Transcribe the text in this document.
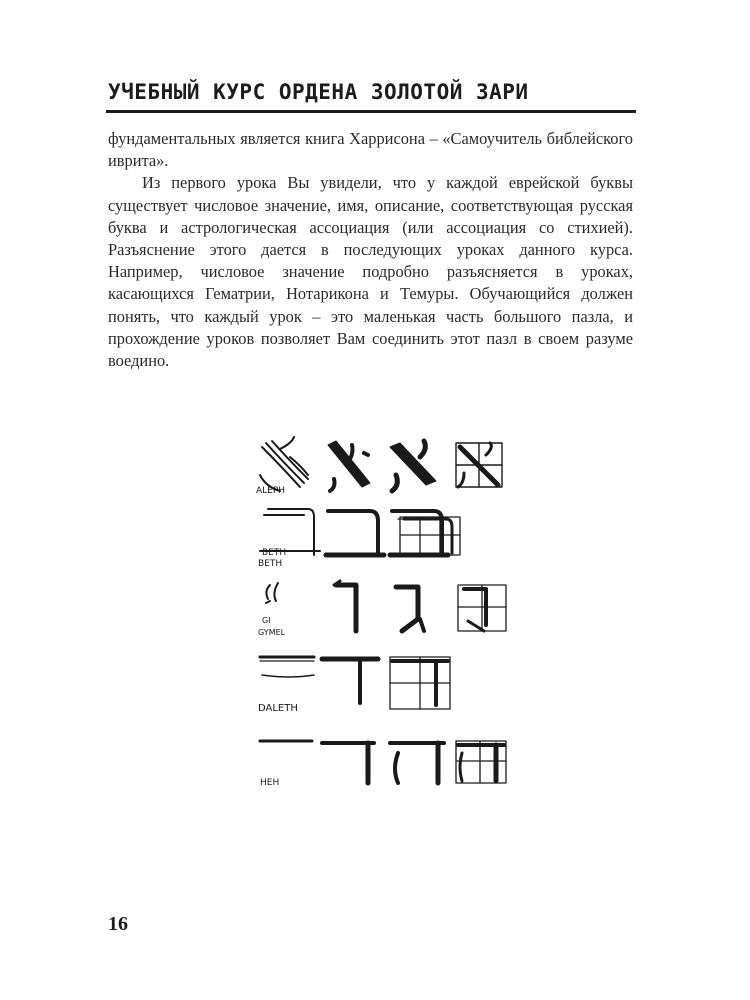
УЧЕБНЫЙ КУРС ОРДЕНА ЗОЛОТОЙ ЗАРИ

фундаментальных является книга Харрисона – «Самоучитель библейского иврита».

Из первого урока Вы увидели, что у каждой еврейской буквы существует числовое значение, имя, описание, соответствующая русская буква и астрологическая ассоциация (или ассоциация со стихией). Разъяснение этого дается в последующих уроках данного курса. Например, числовое значение подробно разъясняется в уроках, касающихся Гематрии, Нотарикона и Темуры. Обучающийся должен понять, что каждый урок – это маленькая часть большого пазла, и прохождение уроков позволяет Вам соединить этот пазл в своем разуме воедино.

ALEPH
BETH
BETH
GI
GYMEL
DALETH
HEH
16
